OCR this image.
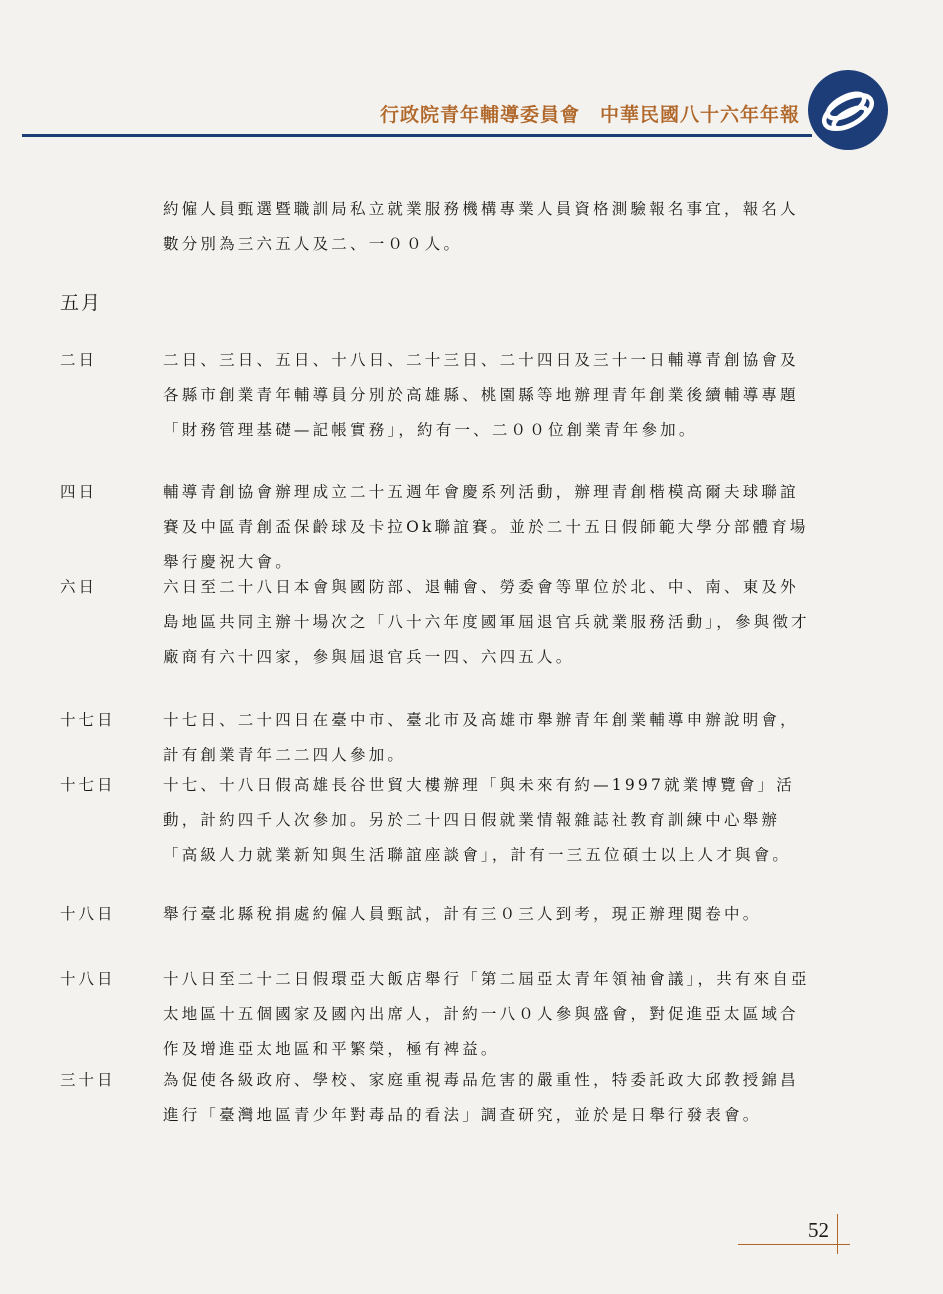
行政院青年輔導委員會　中華民國八十六年年報
約僱人員甄選暨職訓局私立就業服務機構專業人員資格測驗報名事宜，報名人數分別為三六五人及二、一００人。
五月
二日	二日、三日、五日、十八日、二十三日、二十四日及三十一日輔導青創協會及各縣市創業青年輔導員分別於高雄縣、桃園縣等地辦理青年創業後續輔導專題「財務管理基礎—記帳實務」，約有一、二００位創業青年參加。
四日	輔導青創協會辦理成立二十五週年會慶系列活動，辦理青創楷模高爾夫球聯誼賽及中區青創盃保齡球及卡拉Ok聯誼賽。並於二十五日假師範大學分部體育場舉行慶祝大會。
六日	六日至二十八日本會與國防部、退輔會、勞委會等單位於北、中、南、東及外島地區共同主辦十場次之「八十六年度國軍屆退官兵就業服務活動」，參與徵才廠商有六十四家，參與屆退官兵一四、六四五人。
十七日	十七日、二十四日在臺中市、臺北市及高雄市舉辦青年創業輔導申辦說明會，計有創業青年二二四人參加。
十七日	十七、十八日假高雄長谷世貿大樓辦理「與未來有約—1997就業博覽會」活動，計約四千人次參加。另於二十四日假就業情報雜誌社教育訓練中心舉辦「高級人力就業新知與生活聯誼座談會」，計有一三五位碩士以上人才與會。
十八日	舉行臺北縣稅捐處約僱人員甄試，計有三０三人到考，現正辦理閱卷中。
十八日	十八日至二十二日假環亞大飯店舉行「第二屆亞太青年領袖會議」，共有來自亞太地區十五個國家及國內出席人，計約一八０人參與盛會，對促進亞太區域合作及增進亞太地區和平繁榮，極有裨益。
三十日	為促使各級政府、學校、家庭重視毒品危害的嚴重性，特委託政大邱教授錦昌進行「臺灣地區青少年對毒品的看法」調查研究，並於是日舉行發表會。
52
